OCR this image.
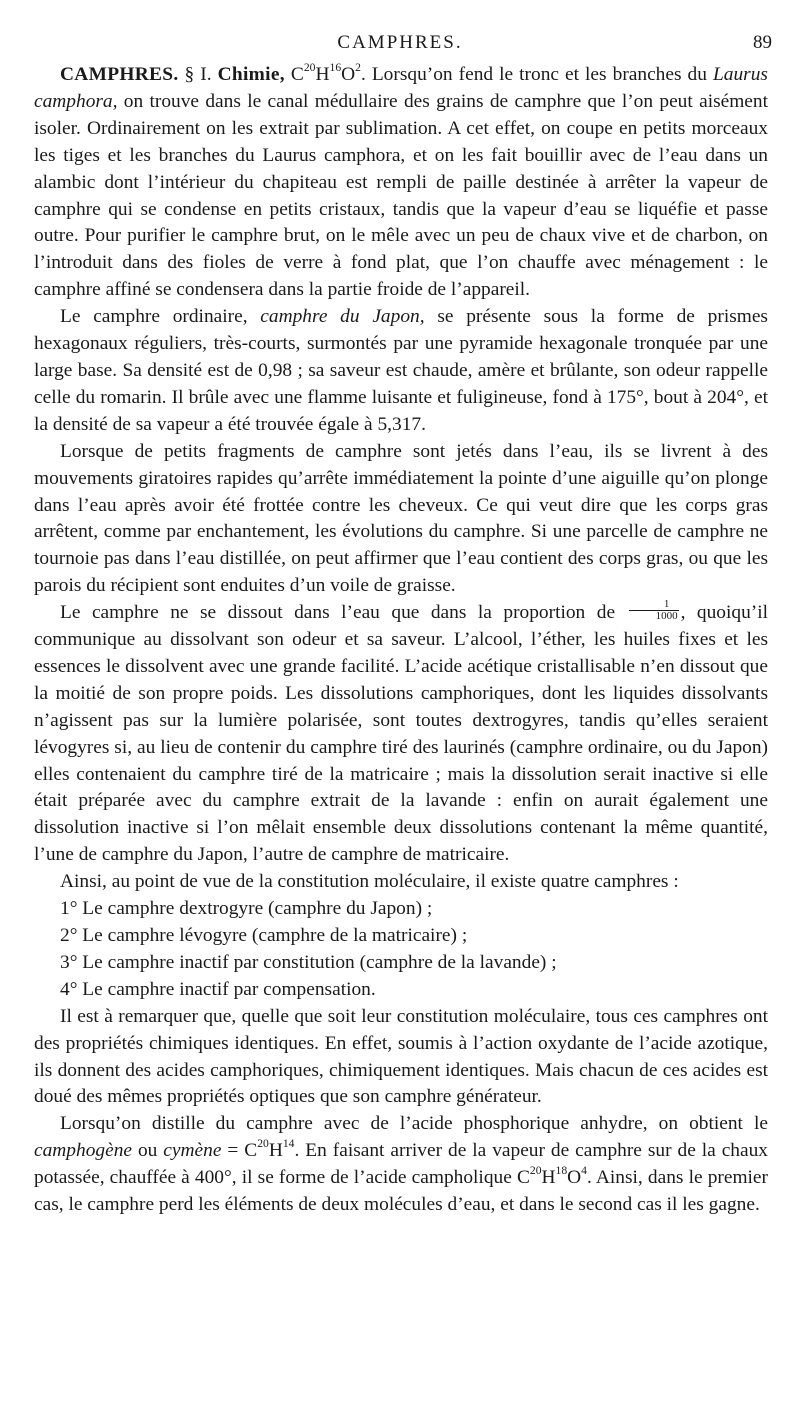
CAMPHRES.	89

CAMPHRES. § I. Chimie, $C^{20}H^{16}O^2$. Lorsqu’on fend le tronc et les branches du Laurus camphora, on trouve dans le canal médullaire des grains de camphre que l’on peut aisément isoler. Ordinairement on les extrait par sublimation. A cet effet, on coupe en petits morceaux les tiges et les branches du Laurus camphora, et on les fait bouillir avec de l’eau dans un alambic dont l’intérieur du chapiteau est rempli de paille destinée à arrêter la vapeur de camphre qui se condense en petits cristaux, tandis que la vapeur d’eau se liquéfie et passe outre. Pour purifier le camphre brut, on le mêle avec un peu de chaux vive et de charbon, on l’introduit dans des fioles de verre à fond plat, que l’on chauffe avec ménagement : le camphre affiné se condensera dans la partie froide de l’appareil.

Le camphre ordinaire, camphre du Japon, se présente sous la forme de prismes hexagonaux réguliers, très-courts, surmontés par une pyramide hexagonale tronquée par une large base. Sa densité est de 0,98 ; sa saveur est chaude, amère et brûlante, son odeur rappelle celle du romarin. Il brûle avec une flamme luisante et fuligineuse, fond à 175°, bout à 204°, et la densité de sa vapeur a été trouvée égale à 5,317.

Lorsque de petits fragments de camphre sont jetés dans l’eau, ils se livrent à des mouvements giratoires rapides qu’arrête immédiatement la pointe d’une aiguille qu’on plonge dans l’eau après avoir été frottée contre les cheveux. Ce qui veut dire que les corps gras arrêtent, comme par enchantement, les évolutions du camphre. Si une parcelle de camphre ne tournoie pas dans l’eau distillée, on peut affirmer que l’eau contient des corps gras, ou que les parois du récipient sont enduites d’un voile de graisse.

Le camphre ne se dissout dans l’eau que dans la proportion de $\frac{1}{1000}$ , quoiqu’il communique au dissolvant son odeur et sa saveur. L’alcool, l’éther, les huiles fixes et les essences le dissolvent avec une grande facilité. L’acide acétique cristallisable n’en dissout que la moitié de son propre poids. Les dissolutions camphoriques, dont les liquides dissolvants n’agissent pas sur la lumière polarisée, sont toutes dextrogyres, tandis qu’elles seraient lévogyres si, au lieu de contenir du camphre tiré des laurinés (camphre ordinaire, ou du Japon) elles contenaient du camphre tiré de la matricaire ; mais la dissolution serait inactive si elle était préparée avec du camphre extrait de la lavande : enfin on aurait également une dissolution inactive si l’on mêlait ensemble deux dissolutions contenant la même quantité, l’une de camphre du Japon, l’autre de camphre de matricaire.

Ainsi, au point de vue de la constitution moléculaire, il existe quatre camphres :

1° Le camphre dextrogyre (camphre du Japon) ;

2° Le camphre lévogyre (camphre de la matricaire) ;

3° Le camphre inactif par constitution (camphre de la lavande) ;

4° Le camphre inactif par compensation.

Il est à remarquer que, quelle que soit leur constitution moléculaire, tous ces camphres ont des propriétés chimiques identiques. En effet, soumis à l’action oxydante de l’acide azotique, ils donnent des acides camphoriques, chimiquement identiques. Mais chacun de ces acides est doué des mêmes propriétés optiques que son camphre générateur.

Lorsqu’on distille du camphre avec de l’acide phosphorique anhydre, on obtient le camphogène ou cymène = $C^{20}H^{14}$. En faisant arriver de la vapeur de camphre sur de la chaux potassée, chauffée à 400°, il se forme de l’acide campholique $C^{20}H^{18}O^4$. Ainsi, dans le premier cas, le camphre perd les éléments de deux molécules d’eau, et dans le second cas il les gagne.
